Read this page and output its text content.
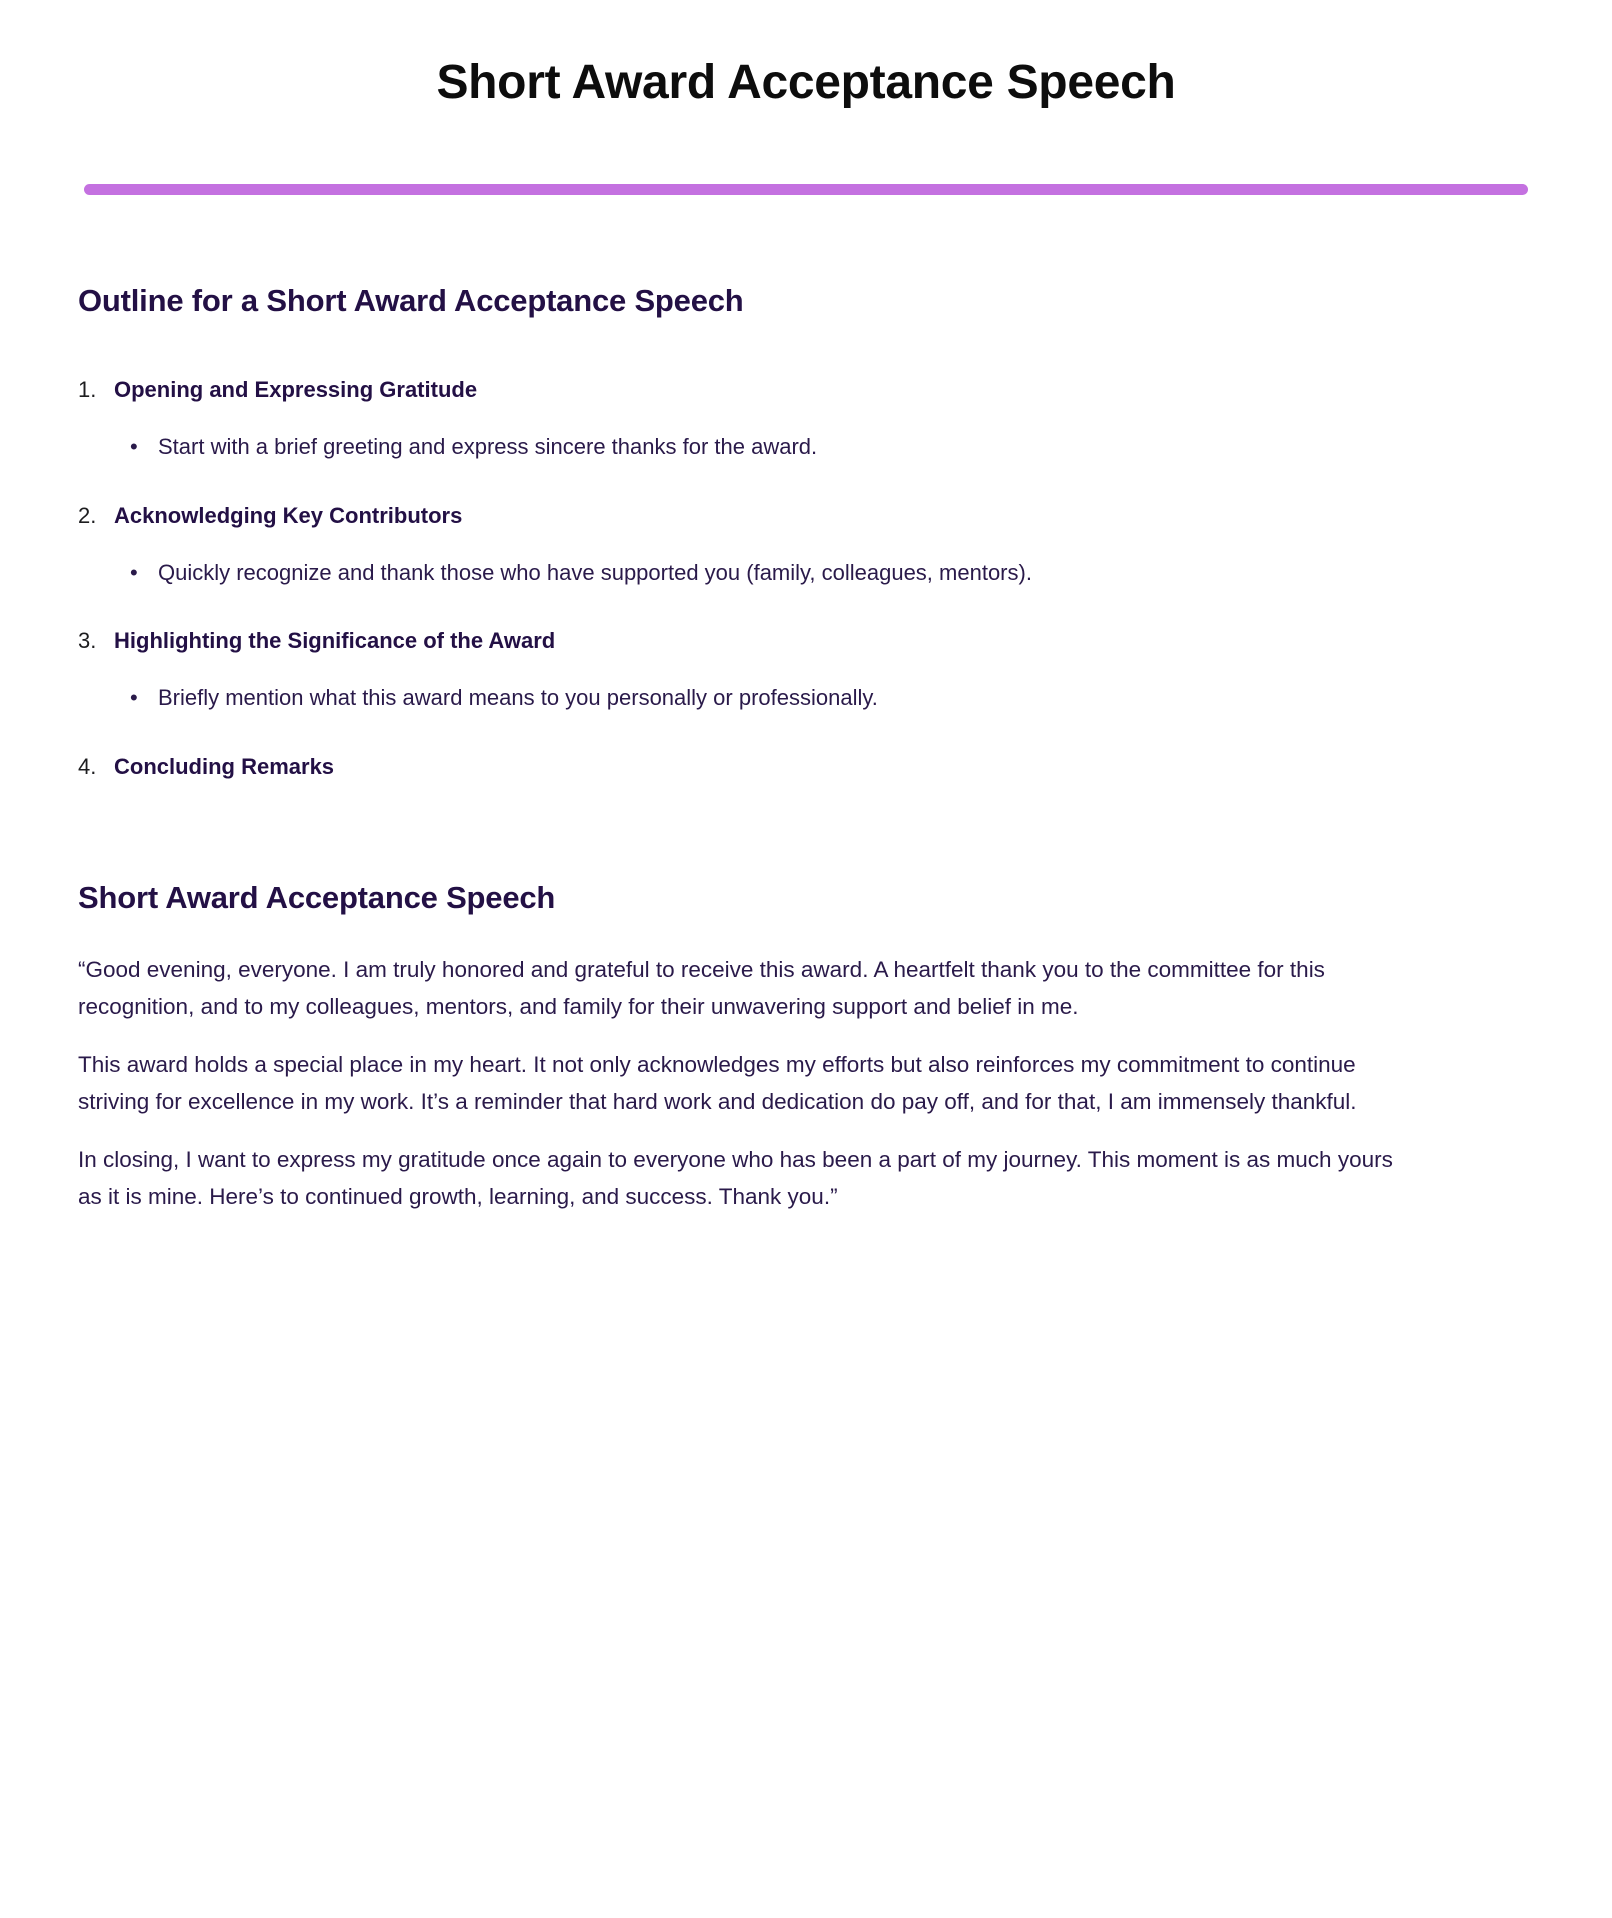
Short Award Acceptance Speech
Outline for a Short Award Acceptance Speech
Opening and Expressing Gratitude
• Start with a brief greeting and express sincere thanks for the award.
Acknowledging Key Contributors
• Quickly recognize and thank those who have supported you (family, colleagues, mentors).
Highlighting the Significance of the Award
• Briefly mention what this award means to you personally or professionally.
Concluding Remarks
Short Award Acceptance Speech

“Good evening, everyone. I am truly honored and grateful to receive this award. A heartfelt thank you to the committee for this recognition, and to my colleagues, mentors, and family for their unwavering support and belief in me.

This award holds a special place in my heart. It not only acknowledges my efforts but also reinforces my commitment to continue striving for excellence in my work. It’s a reminder that hard work and dedication do pay off, and for that, I am immensely thankful.

In closing, I want to express my gratitude once again to everyone who has been a part of my journey. This moment is as much yours as it is mine. Here’s to continued growth, learning, and success. Thank you.”
